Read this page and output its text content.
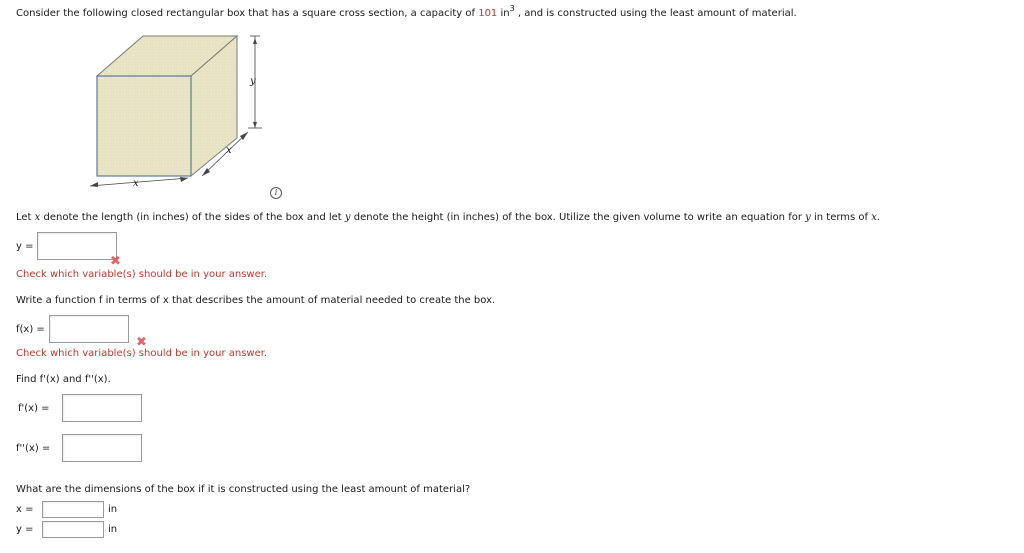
Consider the following closed rectangular box that has a square cross section, a capacity of 101 $in^3$ , and is constructed using the least amount of material.
x
x
y
i
Let x denote the length (in inches) of the sides of the box and let y denote the height (in inches) of the box. Utilize the given volume to write an equation for y in terms of x.
y =
✖
Check which variable(s) should be in your answer.
Write a function f in terms of x that describes the amount of material needed to create the box.
f(x) =
✖
Check which variable(s) should be in your answer.
Find f'(x) and f''(x).
f'(x) =
f''(x) =
What are the dimensions of the box if it is constructed using the least amount of material?
x =	in
y =	in
